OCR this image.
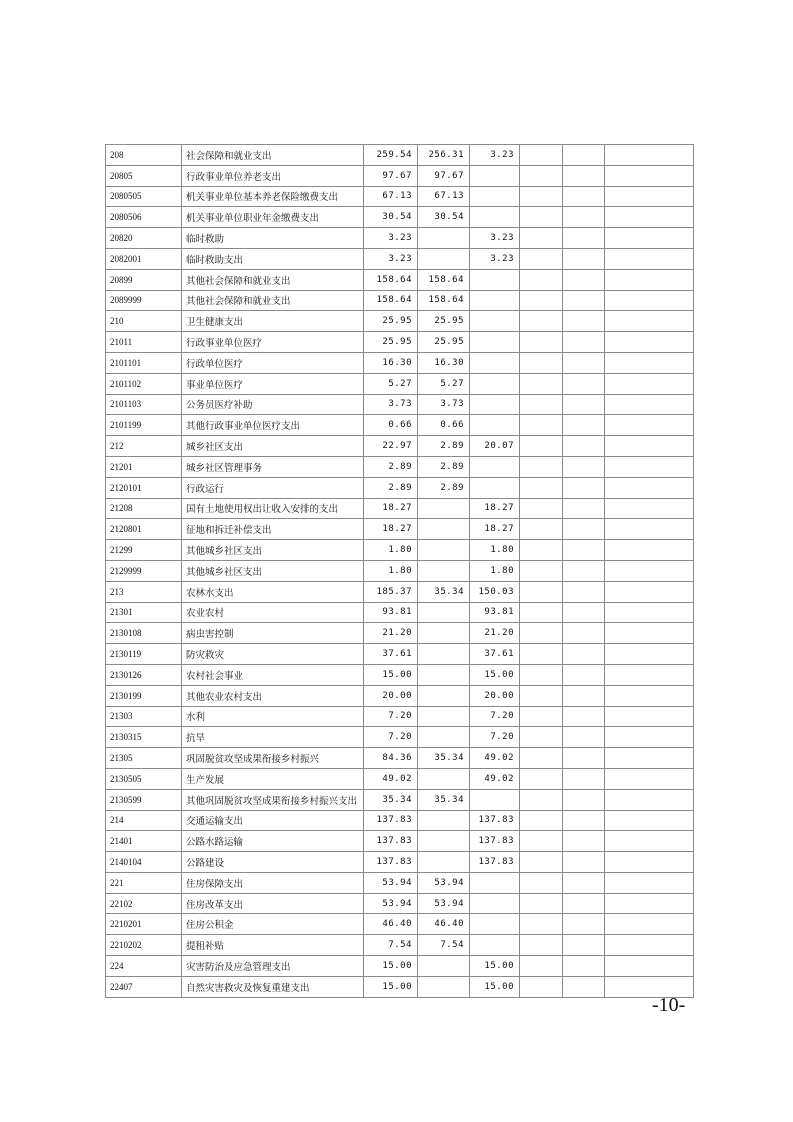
208	社会保障和就业支出	259.54	256.31	3.23			
20805	行政事业单位养老支出	97.67	97.67				
2080505	机关事业单位基本养老保险缴费支出	67.13	67.13				
2080506	机关事业单位职业年金缴费支出	30.54	30.54				
20820	临时救助	3.23		3.23			
2082001	临时救助支出	3.23		3.23			
20899	其他社会保障和就业支出	158.64	158.64				
2089999	其他社会保障和就业支出	158.64	158.64				
210	卫生健康支出	25.95	25.95				
21011	行政事业单位医疗	25.95	25.95				
2101101	行政单位医疗	16.30	16.30				
2101102	事业单位医疗	5.27	5.27				
2101103	公务员医疗补助	3.73	3.73				
2101199	其他行政事业单位医疗支出	0.66	0.66				
212	城乡社区支出	22.97	2.89	20.07			
21201	城乡社区管理事务	2.89	2.89				
2120101	行政运行	2.89	2.89				
21208	国有土地使用权出让收入安排的支出	18.27		18.27			
2120801	征地和拆迁补偿支出	18.27		18.27			
21299	其他城乡社区支出	1.80		1.80			
2129999	其他城乡社区支出	1.80		1.80			
213	农林水支出	185.37	35.34	150.03			
21301	农业农村	93.81		93.81			
2130108	病虫害控制	21.20		21.20			
2130119	防灾救灾	37.61		37.61			
2130126	农村社会事业	15.00		15.00			
2130199	其他农业农村支出	20.00		20.00			
21303	水利	7.20		7.20			
2130315	抗旱	7.20		7.20			
21305	巩固脱贫攻坚成果衔接乡村振兴	84.36	35.34	49.02			
2130505	生产发展	49.02		49.02			
2130599	其他巩固脱贫攻坚成果衔接乡村振兴支出	35.34	35.34				
214	交通运输支出	137.83		137.83			
21401	公路水路运输	137.83		137.83			
2140104	公路建设	137.83		137.83			
221	住房保障支出	53.94	53.94				
22102	住房改革支出	53.94	53.94				
2210201	住房公积金	46.40	46.40				
2210202	提租补贴	7.54	7.54				
224	灾害防治及应急管理支出	15.00		15.00			
22407	自然灾害救灾及恢复重建支出	15.00		15.00			
-10-
